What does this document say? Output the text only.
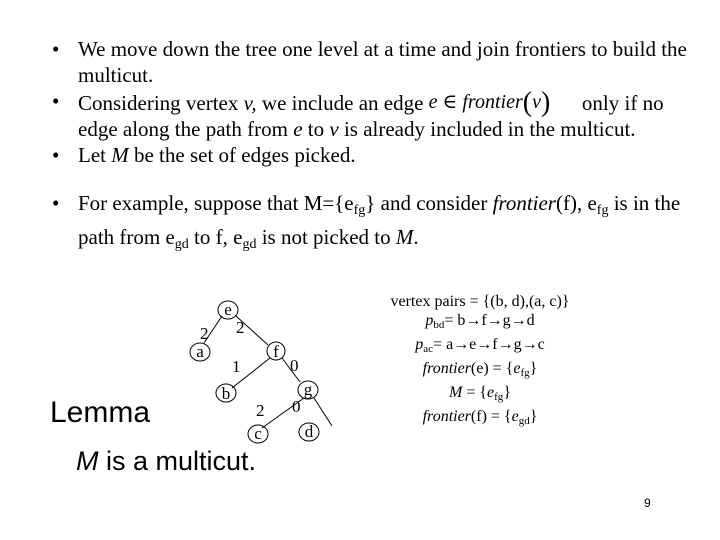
• We move down the tree one level at a time and join frontiers to build the multicut.
• Considering vertex v, we include an edge e ∈ frontier(v) only if no edge along the path from e to v is already included in the multicut.
• Let M be the set of edges picked.
• For example, suppose that $M=\{e_{fg}\}$ and consider frontier(f), $e_{fg}$ is in the path from $e_{gd}$ to f, $e_{gd}$ is not picked to M.
e
a	f
b	g
c	d
2 2
1	0
2 0
Lemma
M is a multicut.
vertex pairs = {(b, d),(a, c)}
pbd= b→f→g→d
pac= a→e→f→g→c
frontier(e) = {efg}
M = {efg}
frontier(f) = {egd}
9
